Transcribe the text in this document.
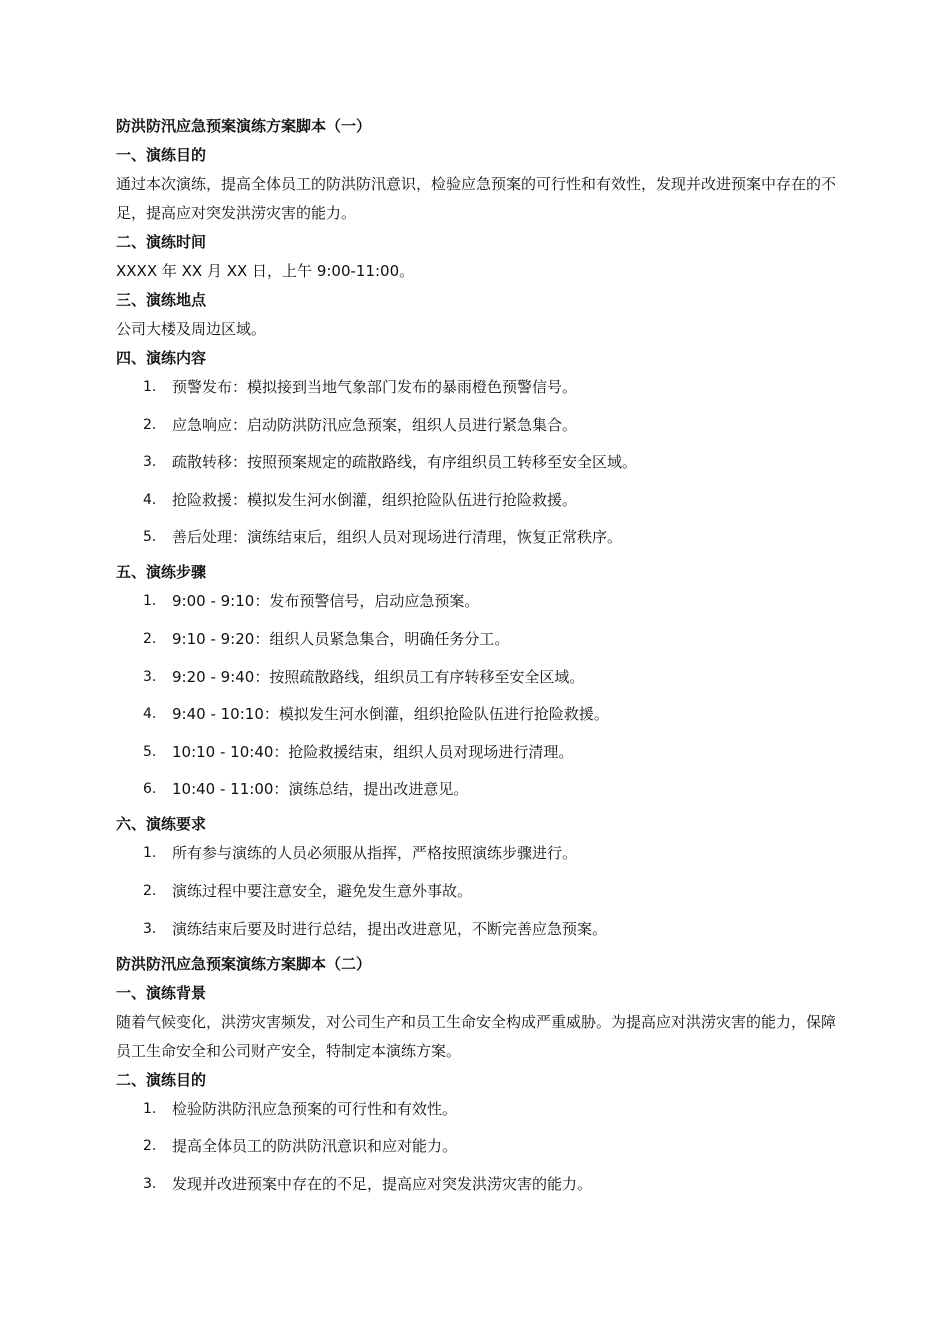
防洪防汛应急预案演练方案脚本（一）

一、演练目的

通过本次演练，提高全体员工的防洪防汛意识，检验应急预案的可行性和有效性，发现并改进预案中存在的不足，提高应对突发洪涝灾害的能力。

二、演练时间

XXXX 年 XX 月 XX 日，上午 9:00-11:00。

三、演练地点

公司大楼及周边区域。

四、演练内容

1.	预警发布：模拟接到当地气象部门发布的暴雨橙色预警信号。
2.	应急响应：启动防洪防汛应急预案，组织人员进行紧急集合。
3.	疏散转移：按照预案规定的疏散路线，有序组织员工转移至安全区域。
4.	抢险救援：模拟发生河水倒灌，组织抢险队伍进行抢险救援。
5.	善后处理：演练结束后，组织人员对现场进行清理，恢复正常秩序。

五、演练步骤

1.	9:00 - 9:10：发布预警信号，启动应急预案。
2.	9:10 - 9:20：组织人员紧急集合，明确任务分工。
3.	9:20 - 9:40：按照疏散路线，组织员工有序转移至安全区域。
4.	9:40 - 10:10：模拟发生河水倒灌，组织抢险队伍进行抢险救援。
5.	10:10 - 10:40：抢险救援结束，组织人员对现场进行清理。
6.	10:40 - 11:00：演练总结，提出改进意见。

六、演练要求

1.	所有参与演练的人员必须服从指挥，严格按照演练步骤进行。
2.	演练过程中要注意安全，避免发生意外事故。
3.	演练结束后要及时进行总结，提出改进意见，不断完善应急预案。

防洪防汛应急预案演练方案脚本（二）

一、演练背景

随着气候变化，洪涝灾害频发，对公司生产和员工生命安全构成严重威胁。为提高应对洪涝灾害的能力，保障员工生命安全和公司财产安全，特制定本演练方案。

二、演练目的

1.	检验防洪防汛应急预案的可行性和有效性。
2.	提高全体员工的防洪防汛意识和应对能力。
3.	发现并改进预案中存在的不足，提高应对突发洪涝灾害的能力。
